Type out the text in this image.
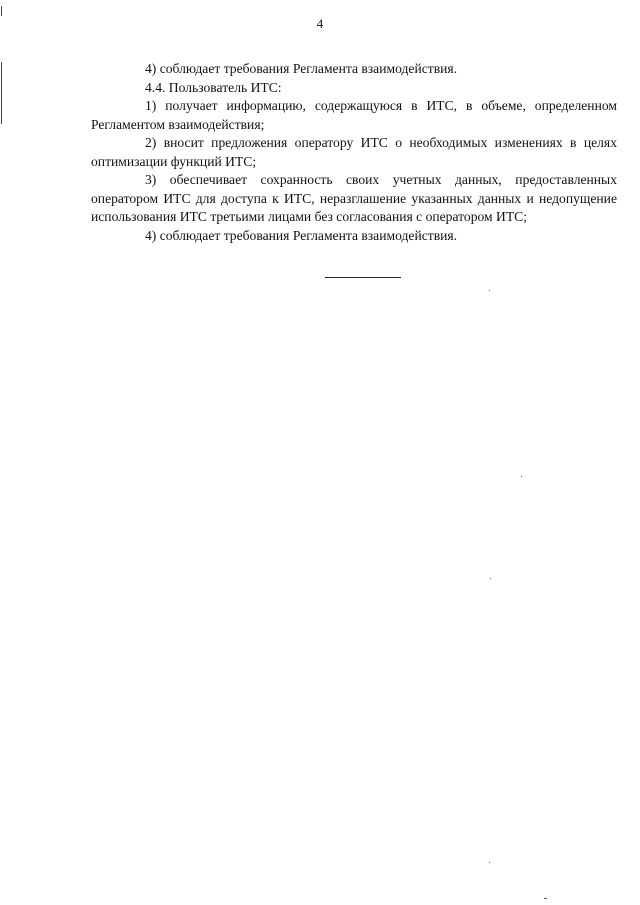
4

4) соблюдает требования Регламента взаимодействия.

4.4. Пользователь ИТС:

1) получает информацию, содержащуюся в ИТС, в объеме, определенном Регламентом взаимодействия;

2) вносит предложения оператору ИТС о необходимых изменениях в целях оптимизации функций ИТС;

3) обеспечивает сохранность своих учетных данных, предоставленных оператором ИТС для доступа к ИТС, неразглашение указанных данных и недопущение использования ИТС третьими лицами без согласования с оператором ИТС;

4) соблюдает требования Регламента взаимодействия.
